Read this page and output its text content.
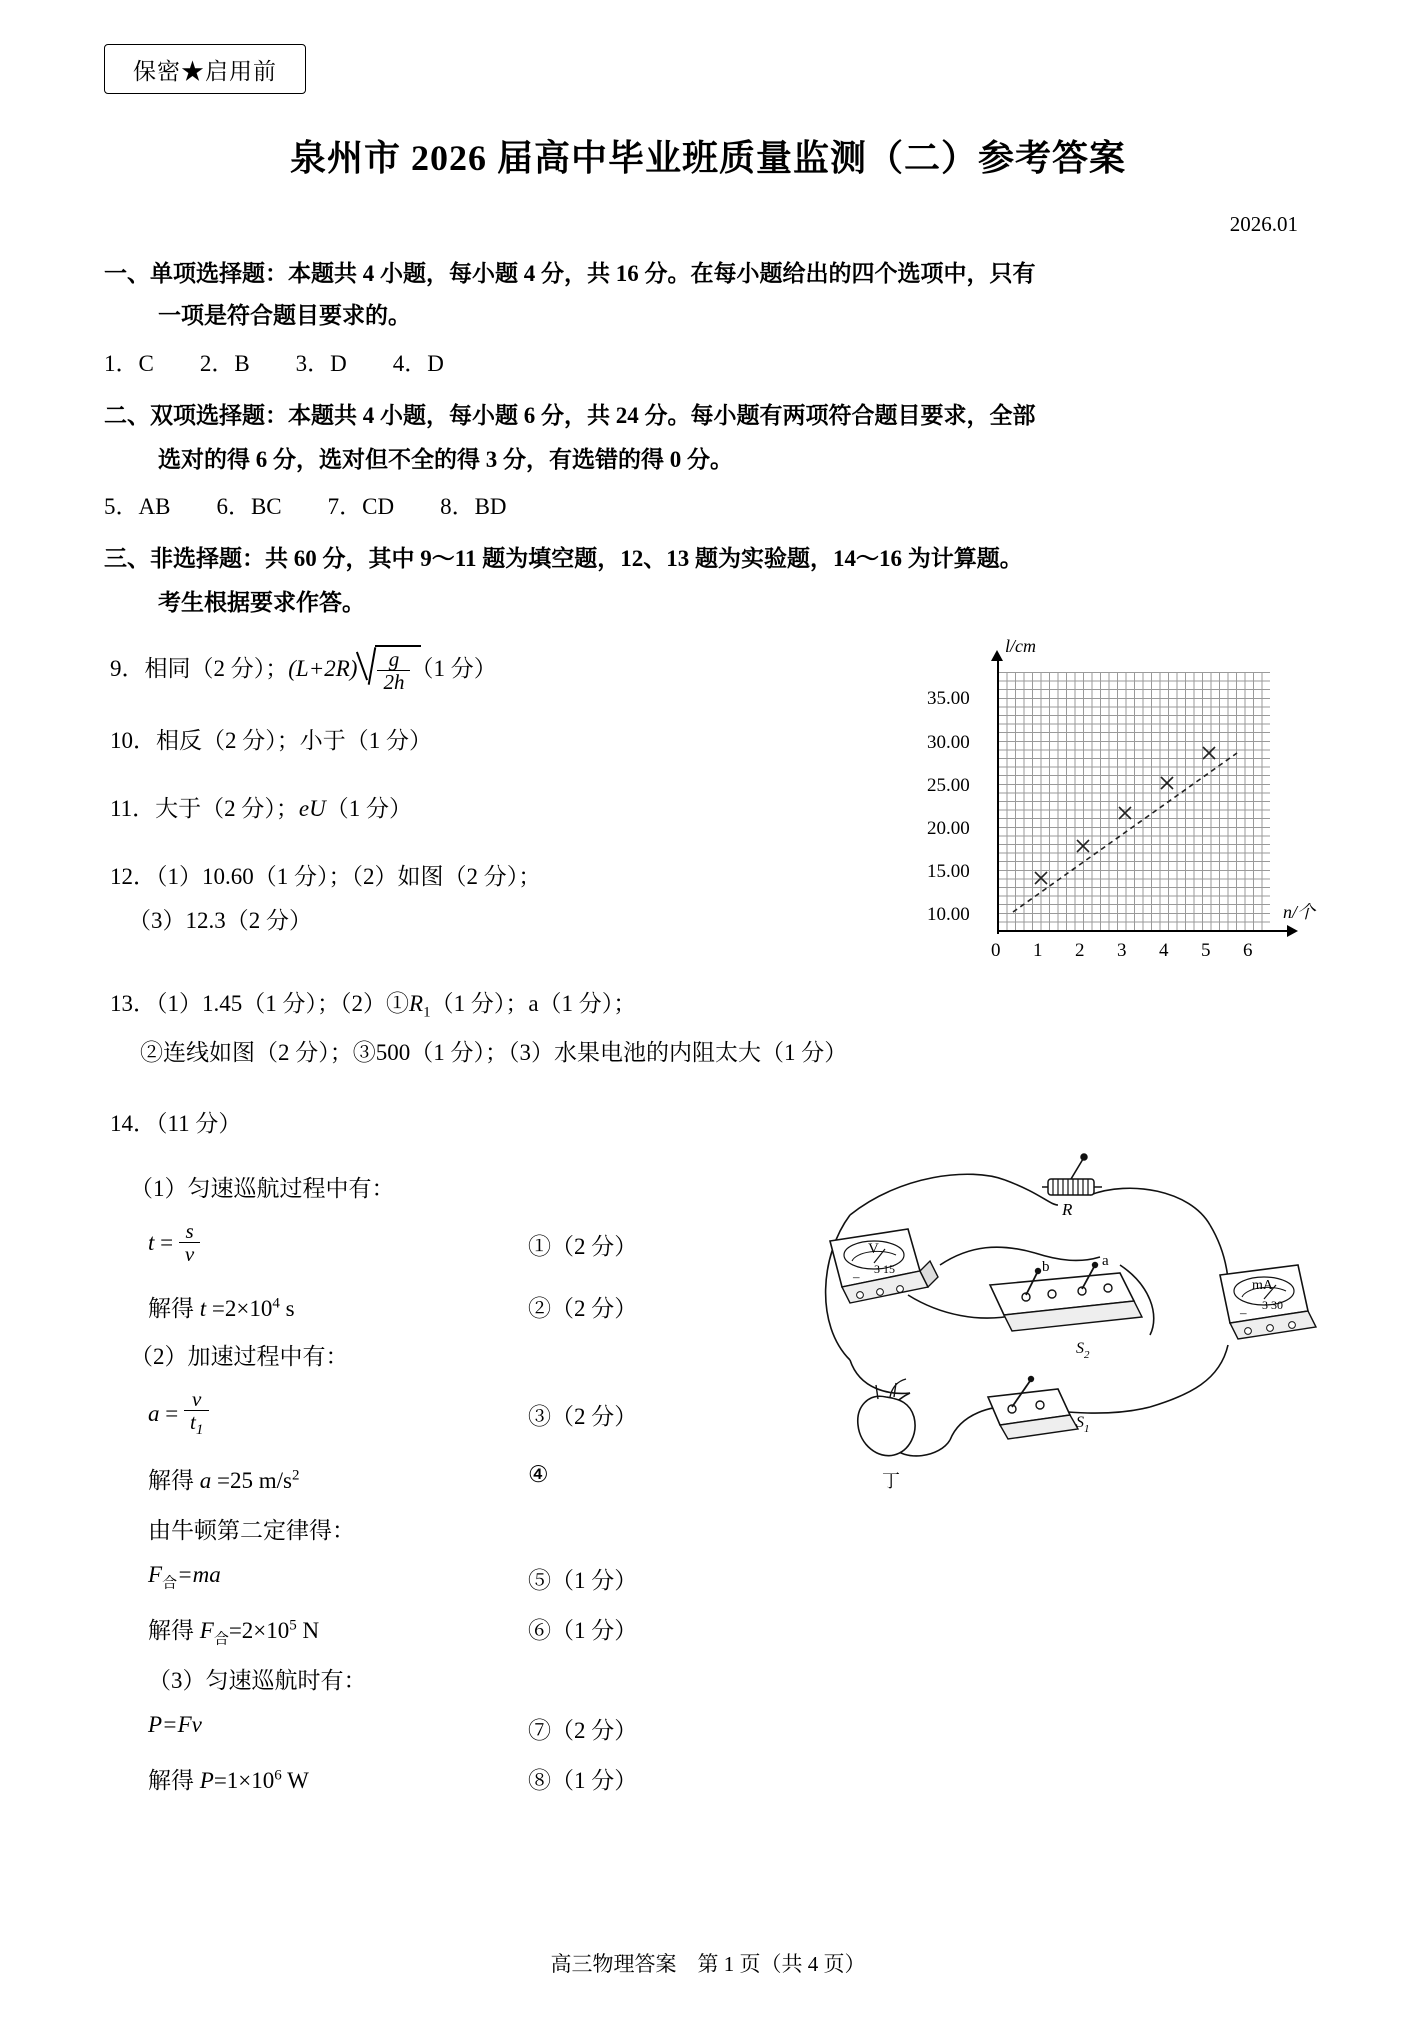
保密★启用前
泉州市 2026 届高中毕业班质量监测（二）参考答案
2026.01
一、单项选择题：本题共 4 小题，每小题 4 分，共 16 分。在每小题给出的四个选项中，只有
一项是符合题目要求的。
1．C　　2．B　　3．D　　4．D
二、双项选择题：本题共 4 小题，每小题 6 分，共 24 分。每小题有两项符合题目要求，全部
选对的得 6 分，选对但不全的得 3 分，有选错的得 0 分。
5．AB　　6．BC　　7．CD　　8．BD
三、非选择题：共 60 分，其中 9～11 题为填空题，12、13 题为实验题，14～16 为计算题。
考生根据要求作答。
9．相同（2 分）；$(L+2R) \frac{g}{2h} (1$ 分）
10．相反（2 分）；小于（1 分）
11．大于（2 分）；eU（1 分）
12．（1）10.60（1 分）；（2）如图（2 分）；
（3）12.3（2 分）
13．（1）1.45（1 分）；$(2)①R_1(1$ 分）；a（1 分）；
②连线如图（2 分）；③500（1 分）；（3）水果电池的内阻太大（1 分）
14．（11 分）
（1）匀速巡航过程中有：
$t = \frac{s}{v}$	①（2 分）
解得 $t =2\times 10^4$ s	②（2 分）
（2）加速过程中有：
$a = \frac{v}{t_1}$	③（2 分）
解得 a =25 $m/s^2$	④
由牛顿第二定律得：
$F_合=ma$	⑤（1 分）
解得 $F_合=2\times 10^5$ N	⑥（1 分）
（3）匀速巡航时有：
P=Fv	⑦（2 分）
解得 $P=1\times 10^6$ W	⑧（1 分）
l/cm
n/个
35.00
30.00
25.00
20.00
15.00
10.00
0 1 2 3 4 5 6
R
–
V
3 15
–
mA
3 30
b	a
$S_2$
$S_1$
丁
高三物理答案　第 1 页（共 4 页）
